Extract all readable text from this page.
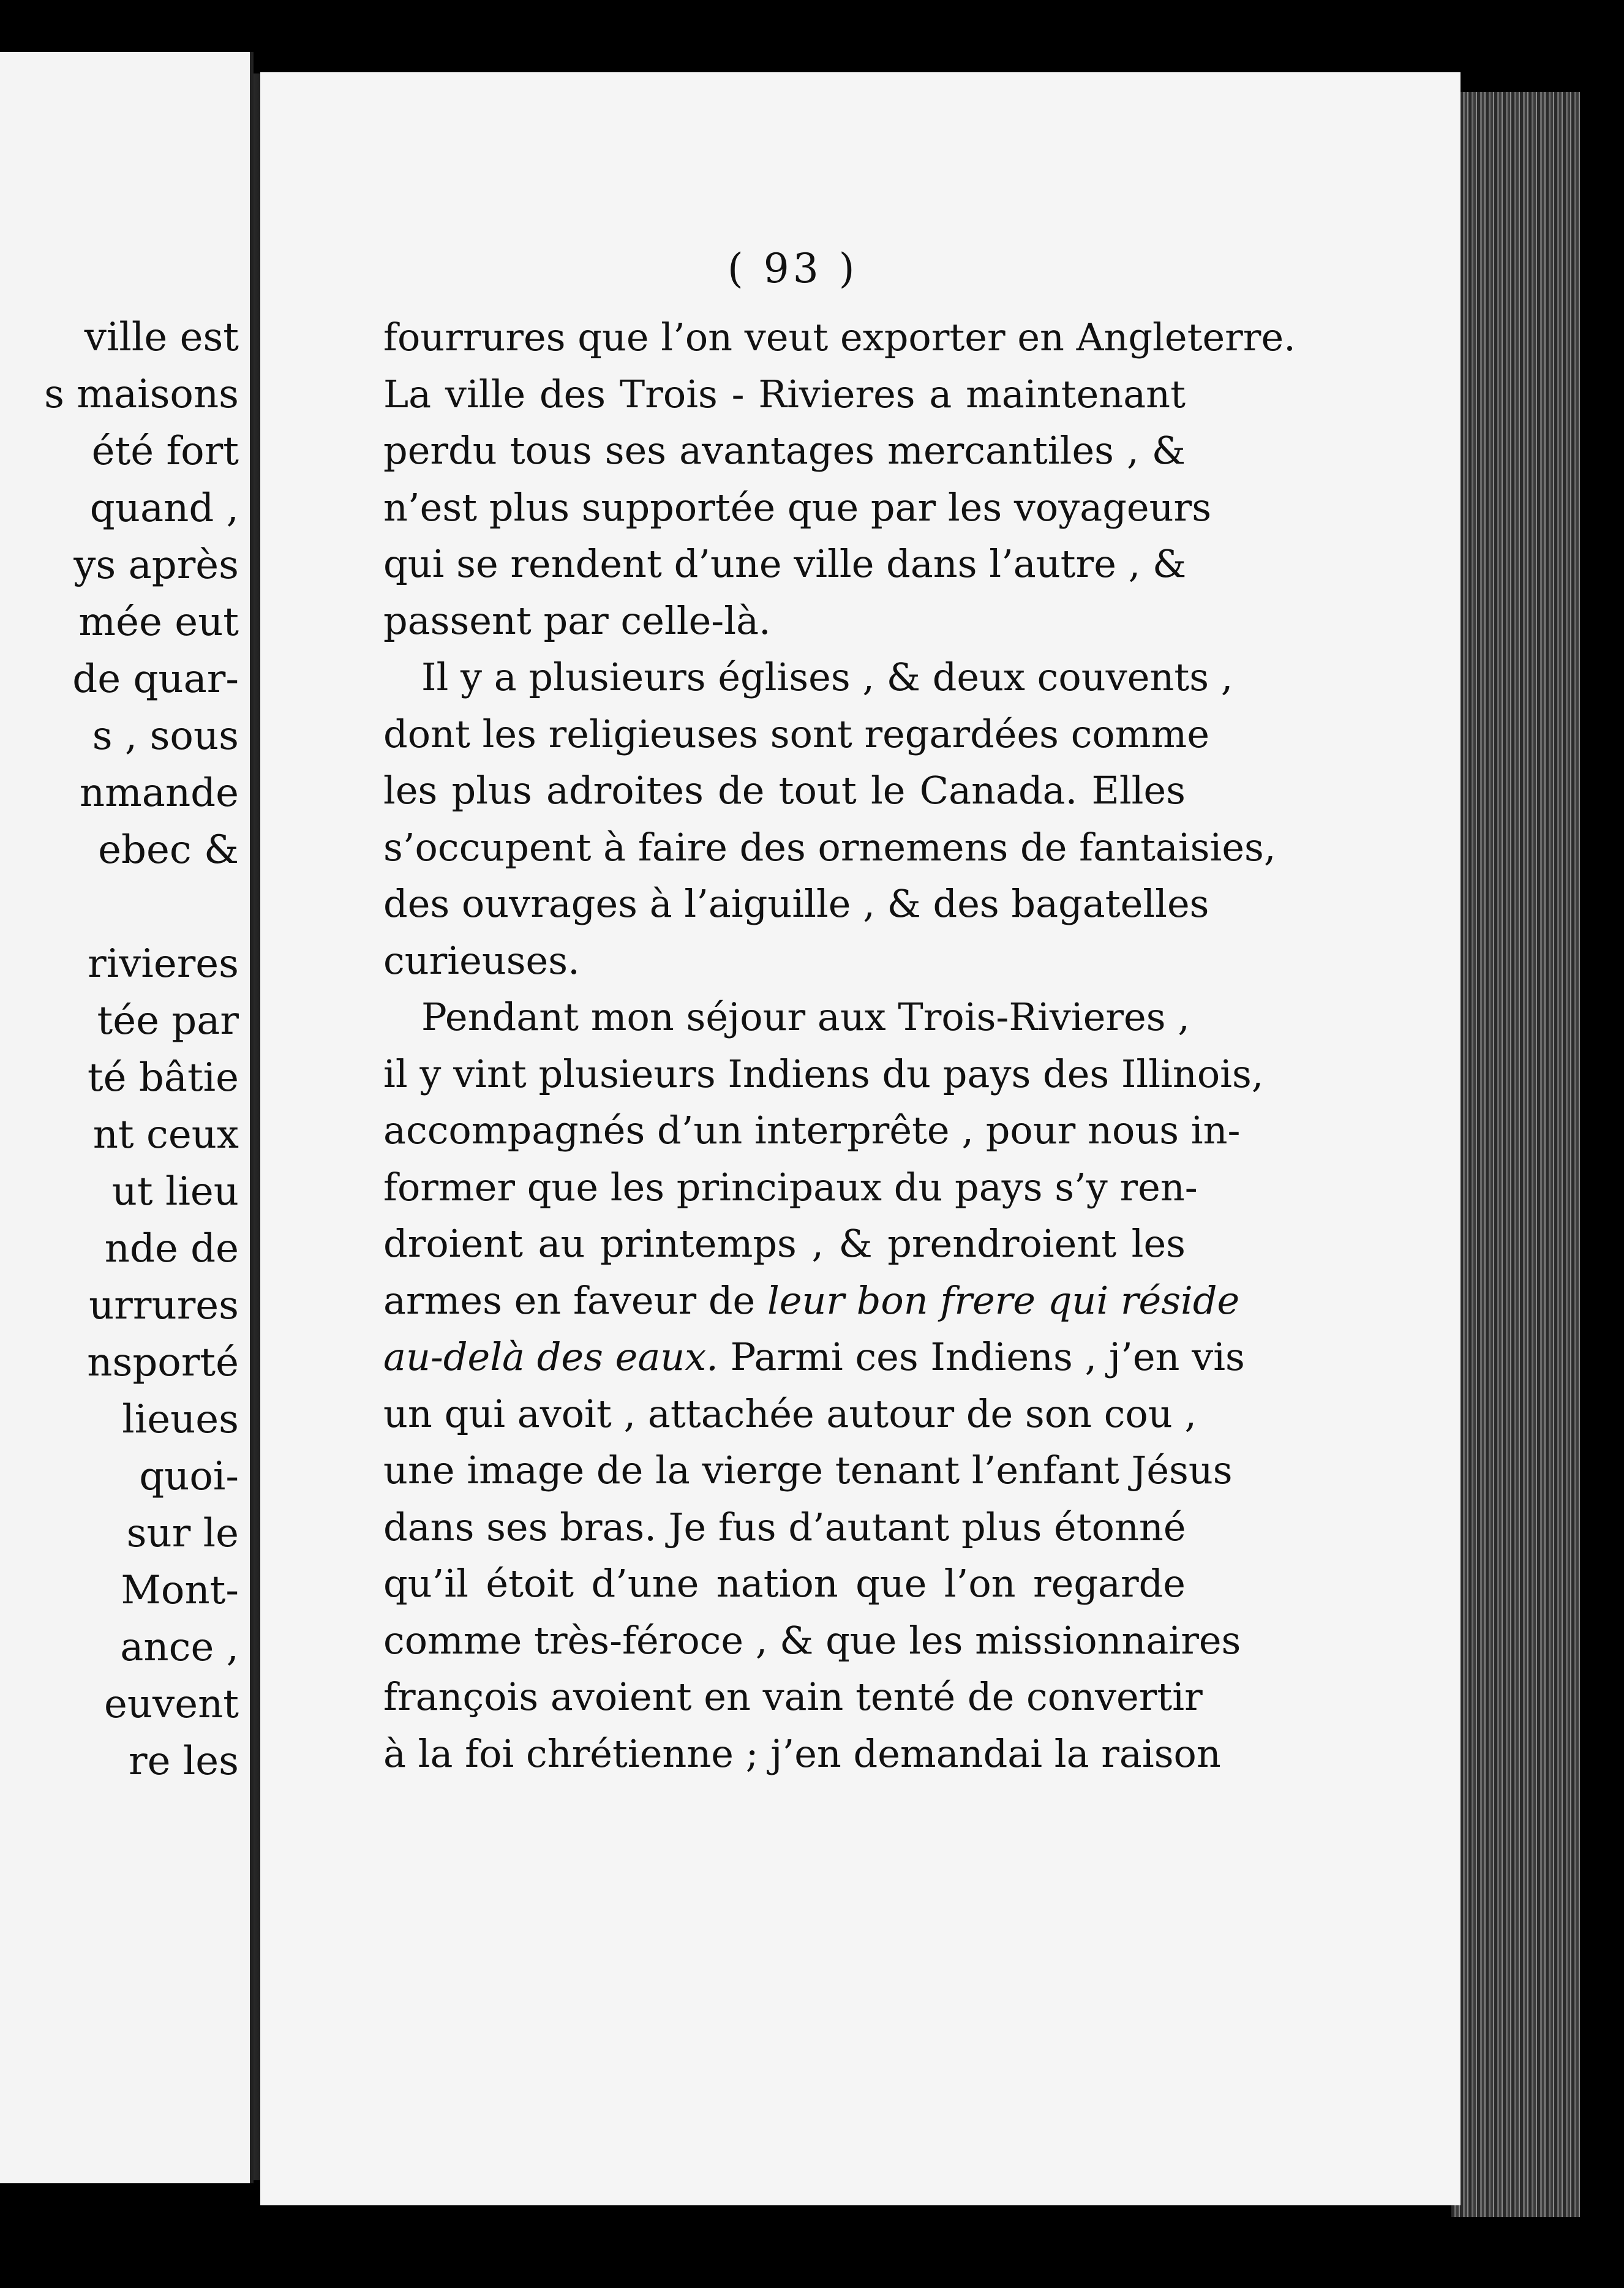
ville est
s maisons
été fort
quand ,
ys après
mée eut
de quar-
s , sous
nmande
ebec &
rivieres
tée par
té bâtie
nt ceux
ut lieu
nde de
urrures
nsporté
lieues
quoi-
sur le
Mont-
ance ,
euvent
re les
( 93 )
fourrures que l’on veut exporter en Angleterre.
La ville des Trois - Rivieres a maintenant
perdu tous ses avantages mercantiles , &
n’est plus supportée que par les voyageurs
qui se rendent d’une ville dans l’autre , &
passent par celle-là.
Il y a plusieurs églises , & deux couvents ,
dont les religieuses sont regardées comme
les plus adroites de tout le Canada. Elles
s’occupent à faire des ornemens de fantaisies,
des ouvrages à l’aiguille , & des bagatelles
curieuses.
Pendant mon séjour aux Trois-Rivieres ,
il y vint plusieurs Indiens du pays des Illinois,
accompagnés d’un interprête , pour nous in-
former que les principaux du pays s’y ren-
droient au printemps , & prendroient les
armes en faveur de leur bon frere qui réside
au-delà des eaux. Parmi ces Indiens , j’en vis
un qui avoit , attachée autour de son cou ,
une image de la vierge tenant l’enfant Jésus
dans ses bras. Je fus d’autant plus étonné
qu’il étoit d’une nation que l’on regarde
comme très-féroce , & que les missionnaires
françois avoient en vain tenté de convertir
à la foi chrétienne ; j’en demandai la raison
